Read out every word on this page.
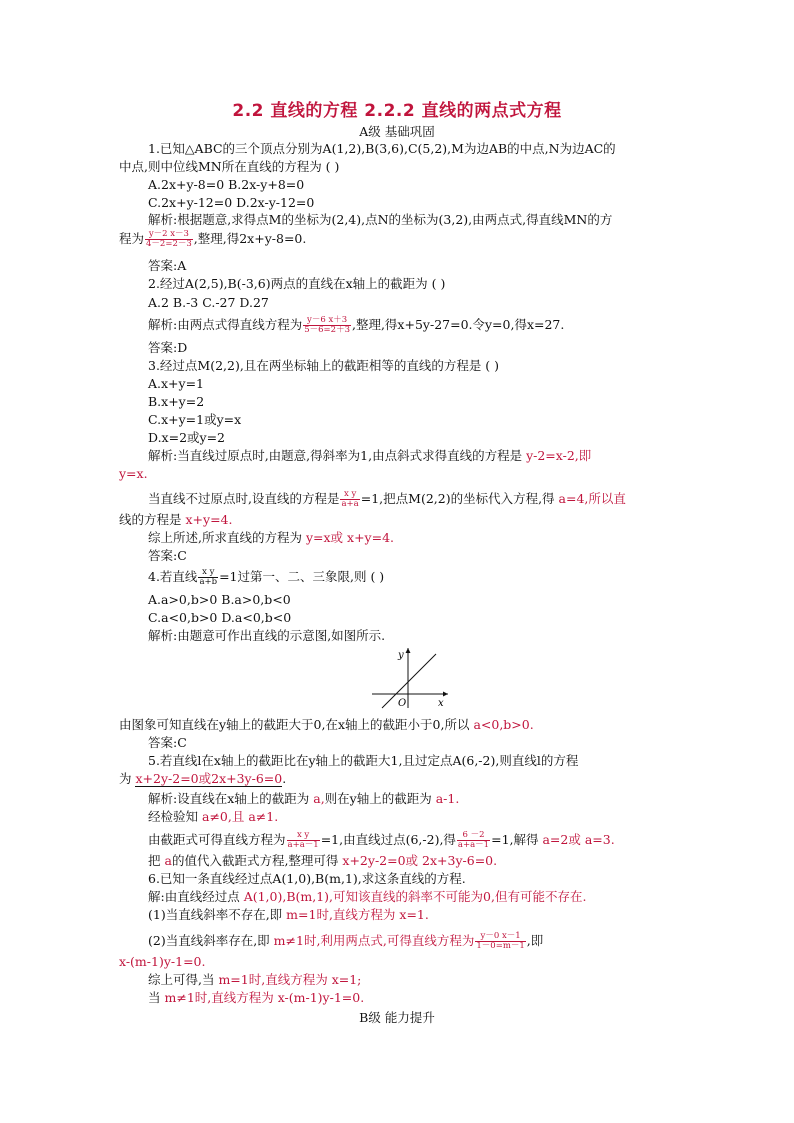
2.2 直线的方程 2.2.2 直线的两点式方程
A级 基础巩固
1.已知△ABC的三个顶点分别为A(1,2),B(3,6),C(5,2),M为边AB的中点,N为边AC的
中点,则中位线MN所在直线的方程为 ( )
A.2x+y-8=0 B.2x-y+8=0
C.2x+y-12=0 D.2x-y-12=0
解析:根据题意,求得点M的坐标为(2,4),点N的坐标为(3,2),由两点式,得直线MN的方
程为 $\frac{y-2 x-3}{4-2=2-3}$ ,整理,得2x+y-8=0.
答案:A
2.经过A(2,5),B(-3,6)两点的直线在x轴上的截距为 ( )
A.2 B.-3 C.-27 D.27
解析:由两点式得直线方程为 $\frac{y-6 x+3}{5-6=2+3}$ ,整理,得x+5y-27=0.令y=0,得x=27.
答案:D
3.经过点M(2,2),且在两坐标轴上的截距相等的直线的方程是 ( )
A.x+y=1
B.x+y=2
C.x+y=1或y=x
D.x=2或y=2
解析:当直线过原点时,由题意,得斜率为1,由点斜式求得直线的方程是 y-2=x-2,即
y=x.
当直线不过原点时,设直线的方程是 $\frac{\text{x y}}{a+a} =1$,把点M(2,2)的坐标代入方程,得 a=4,所以直
线的方程是 x+y=4.
综上所述,所求直线的方程为 y=x或 x+y=4.
答案:C
4.若直线 $\frac{\text{x y}}{a+b} =1$过第一、二、三象限,则 ( )
A.a>0,b>0 B.a>0,b<0
C.a<0,b>0 D.a<0,b<0
解析:由题意可作出直线的示意图,如图所示.
y
x
O
由图象可知直线在y轴上的截距大于0,在x轴上的截距小于0,所以 a<0,b>0.
答案:C
5.若直线l在x轴上的截距比在y轴上的截距大1,且过定点A(6,-2),则直线l的方程
为 x+2y-2=0或2x+3y-6=0.
解析:设直线在x轴上的截距为 a,则在y轴上的截距为 a-1.
经检验知 a≠0,且 a≠1.
由截距式可得直线方程为 $\frac{\text{x y}}{a+a-1} =1$,由直线过点(6,-2),得 $\frac{6 -2}{a+a-1} =1$,解得 a=2或 a=3.
把 a的值代入截距式方程,整理可得 x+2y-2=0或 2x+3y-6=0.
6.已知一条直线经过点A(1,0),B(m,1),求这条直线的方程.
解:由直线经过点 A(1,0),B(m,1),可知该直线的斜率不可能为0,但有可能不存在.
(1)当直线斜率不存在,即 m=1时,直线方程为 x=1.
(2)当直线斜率存在,即 m≠1时,利用两点式,可得直线方程为 $\frac{y-0 x-1}{1-0=m-1}$ ,即
x-(m-1)y-1=0.
综上可得,当 m=1时,直线方程为 x=1;
当 m≠1时,直线方程为 x-(m-1)y-1=0.
B级 能力提升
